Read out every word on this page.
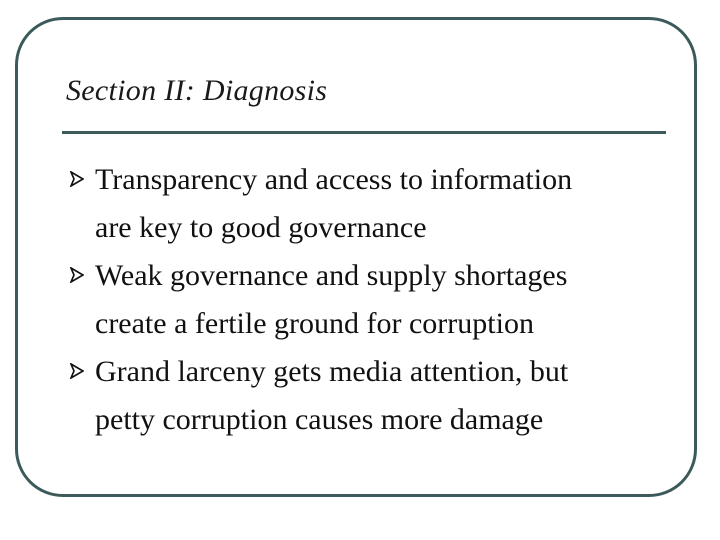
Section II: Diagnosis
Transparency and access to information
are key to good governance
Weak governance and supply shortages
create a fertile ground for corruption
Grand larceny gets media attention, but
petty corruption causes more damage
